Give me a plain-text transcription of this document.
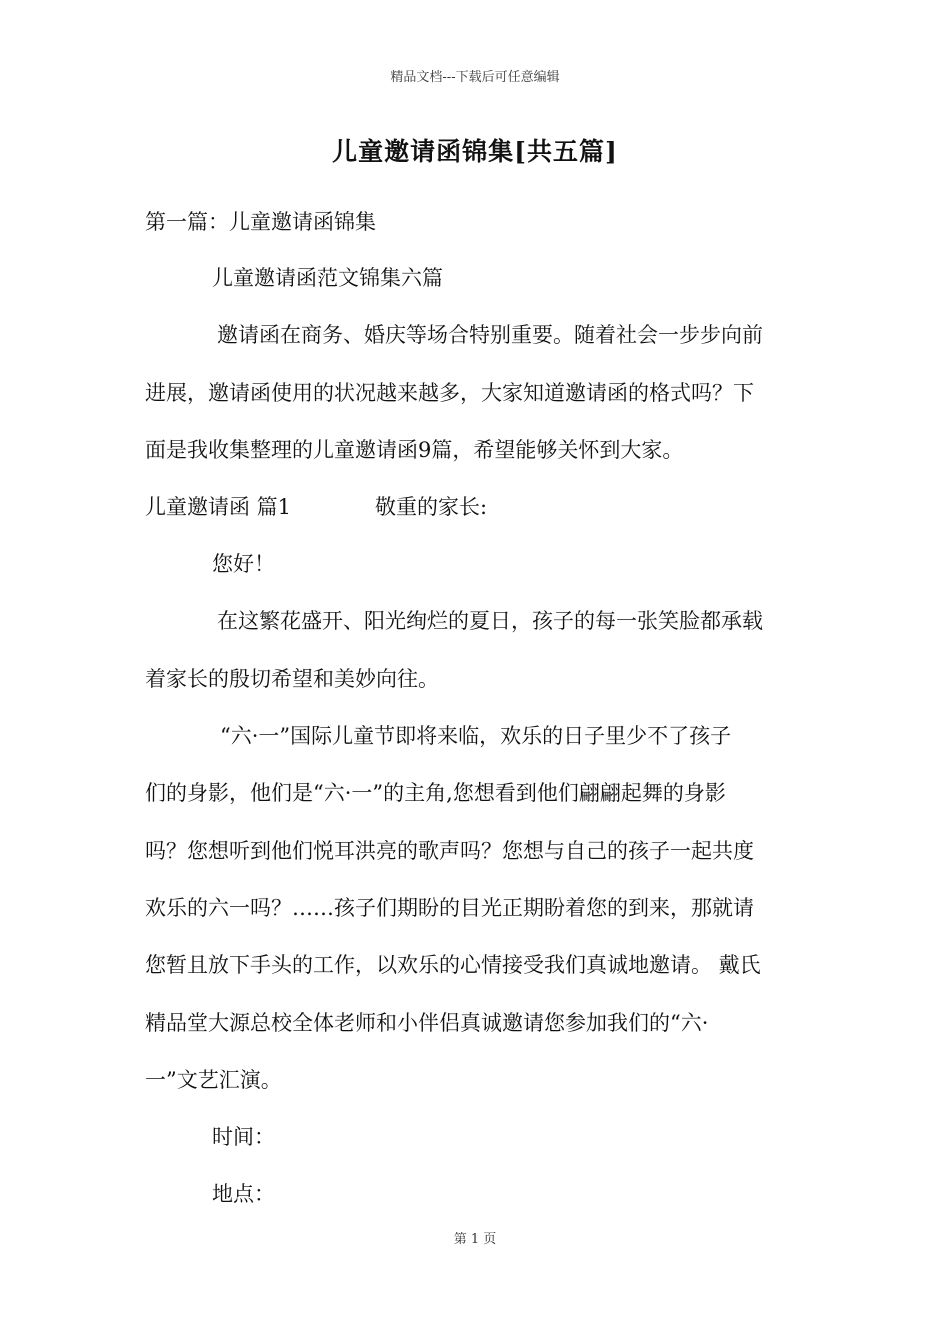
精品文档---下载后可任意编辑
儿童邀请函锦集[共五篇]
第一篇：儿童邀请函锦集
儿童邀请函范文锦集六篇
邀请函在商务、婚庆等场合特别重要。随着社会一步步向前
进展，邀请函使用的状况越来越多，大家知道邀请函的格式吗？下
面是我收集整理的儿童邀请函9篇，希望能够关怀到大家。
儿童邀请函 篇1	敬重的家长:
您好！
在这繁花盛开、阳光绚烂的夏日，孩子的每一张笑脸都承载
着家长的殷切希望和美妙向往。
“六·一”国际儿童节即将来临，欢乐的日子里少不了孩子
们的身影，他们是“六·一”的主角,您想看到他们翩翩起舞的身影
吗？您想听到他们悦耳洪亮的歌声吗？您想与自己的孩子一起共度
欢乐的六一吗？……孩子们期盼的目光正期盼着您的到来，那就请
您暂且放下手头的工作，以欢乐的心情接受我们真诚地邀请。 戴氏
精品堂大源总校全体老师和小伴侣真诚邀请您参加我们的“六·
一”文艺汇演。
时间：
地点：
第 1 页
